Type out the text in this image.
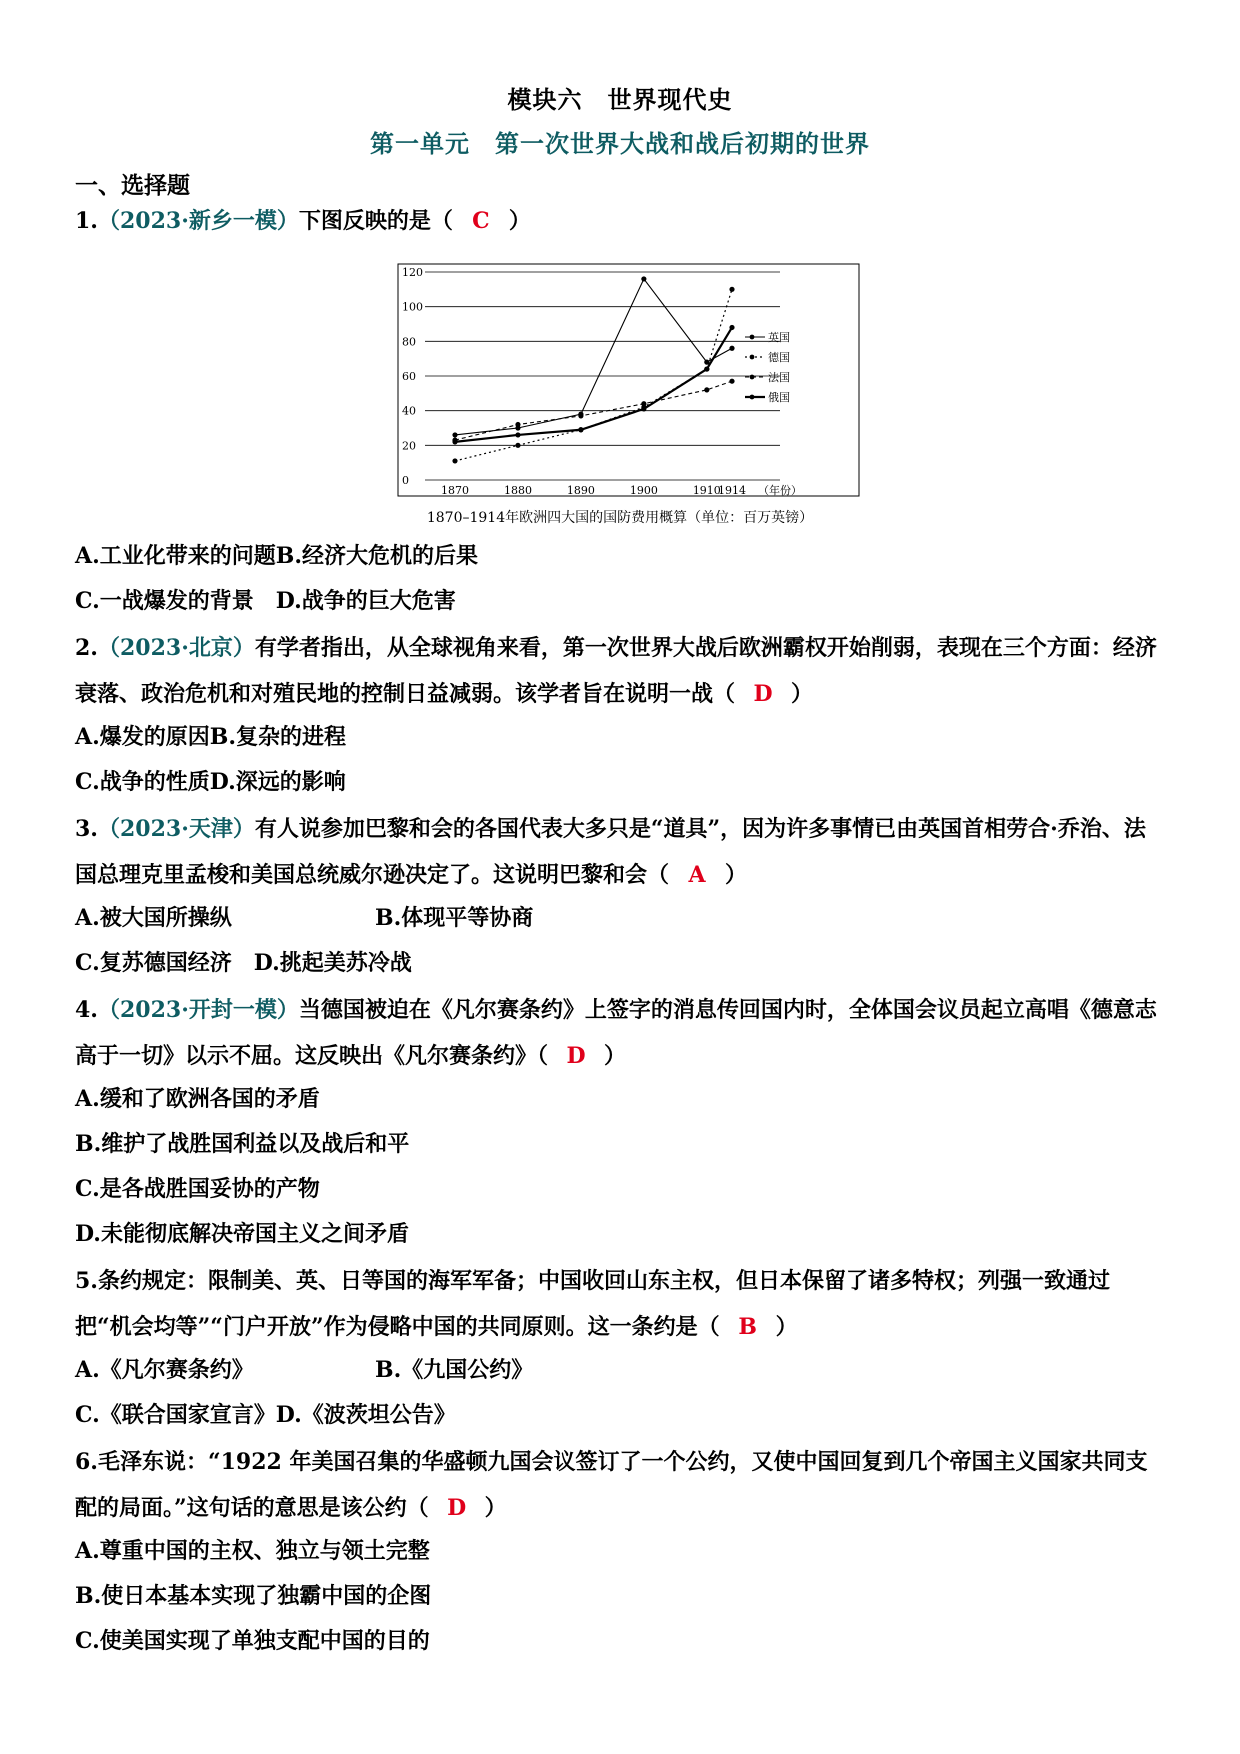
模块六　世界现代史
第一单元　第一次世界大战和战后初期的世界
一、选择题
1.（2023·新乡一模）下图反映的是（ C ）
0
20
40
60
80
100
120
1870	1880	1890	1900	1910
1914 （年份）
英国
德国
法国
俄国
1870–1914年欧洲四大国的国防费用概算（单位：百万英镑）
A.工业化带来的问题B.经济大危机的后果
C.一战爆发的背景　D.战争的巨大危害
2.（2023·北京）有学者指出，从全球视角来看，第一次世界大战后欧洲霸权开始削弱，表现在三个方面：经济衰落、政治危机和对殖民地的控制日益减弱。该学者旨在说明一战（ D ）
A.爆发的原因B.复杂的进程
C.战争的性质D.深远的影响
3.（2023·天津）有人说参加巴黎和会的各国代表大多只是“道具”，因为许多事情已由英国首相劳合·乔治、法国总理克里孟梭和美国总统威尔逊决定了。这说明巴黎和会（ A ）
A.被大国所操纵	B.体现平等协商
C.复苏德国经济　D.挑起美苏冷战
4.（2023·开封一模）当德国被迫在《凡尔赛条约》上签字的消息传回国内时，全体国会议员起立高唱《德意志高于一切》以示不屈。这反映出《凡尔赛条约》（ D ）
A.缓和了欧洲各国的矛盾
B.维护了战胜国利益以及战后和平
C.是各战胜国妥协的产物
D.未能彻底解决帝国主义之间矛盾
5.条约规定：限制美、英、日等国的海军军备；中国收回山东主权，但日本保留了诸多特权；列强一致通过把“机会均等”“门户开放”作为侵略中国的共同原则。这一条约是（ B ）
A.《凡尔赛条约》	B.《九国公约》
C.《联合国家宣言》D.《波茨坦公告》
6.毛泽东说：“1922 年美国召集的华盛顿九国会议签订了一个公约，又使中国回复到几个帝国主义国家共同支配的局面。”这句话的意思是该公约（ D ）
A.尊重中国的主权、独立与领土完整
B.使日本基本实现了独霸中国的企图
C.使美国实现了单独支配中国的目的
